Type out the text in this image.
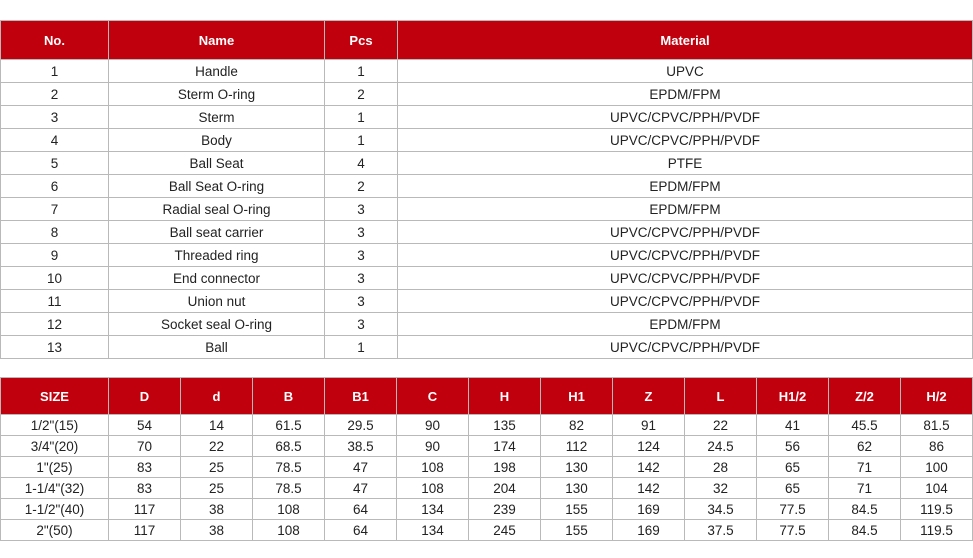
No.	Name	Pcs	Material
1	Handle	1	UPVC
2	Sterm O-ring	2	EPDM/FPM
3	Sterm	1	UPVC/CPVC/PPH/PVDF
4	Body	1	UPVC/CPVC/PPH/PVDF
5	Ball Seat	4	PTFE
6	Ball Seat O-ring	2	EPDM/FPM
7	Radial seal O-ring	3	EPDM/FPM
8	Ball seat carrier	3	UPVC/CPVC/PPH/PVDF
9	Threaded ring	3	UPVC/CPVC/PPH/PVDF
10	End connector	3	UPVC/CPVC/PPH/PVDF
11	Union nut	3	UPVC/CPVC/PPH/PVDF
12	Socket seal O-ring	3	EPDM/FPM
13	Ball	1	UPVC/CPVC/PPH/PVDF
SIZE	D	d	B	B1	C	H	H1	Z	L	H1/2	Z/2	H/2
1/2"(15)	54	14	61.5	29.5	90	135	82	91	22	41	45.5	81.5
3/4"(20)	70	22	68.5	38.5	90	174	112	124	24.5	56	62	86
1"(25)	83	25	78.5	47	108	198	130	142	28	65	71	100
1-1/4"(32)	83	25	78.5	47	108	204	130	142	32	65	71	104
1-1/2"(40)	117	38	108	64	134	239	155	169	34.5	77.5	84.5	119.5
2"(50)	117	38	108	64	134	245	155	169	37.5	77.5	84.5	119.5
